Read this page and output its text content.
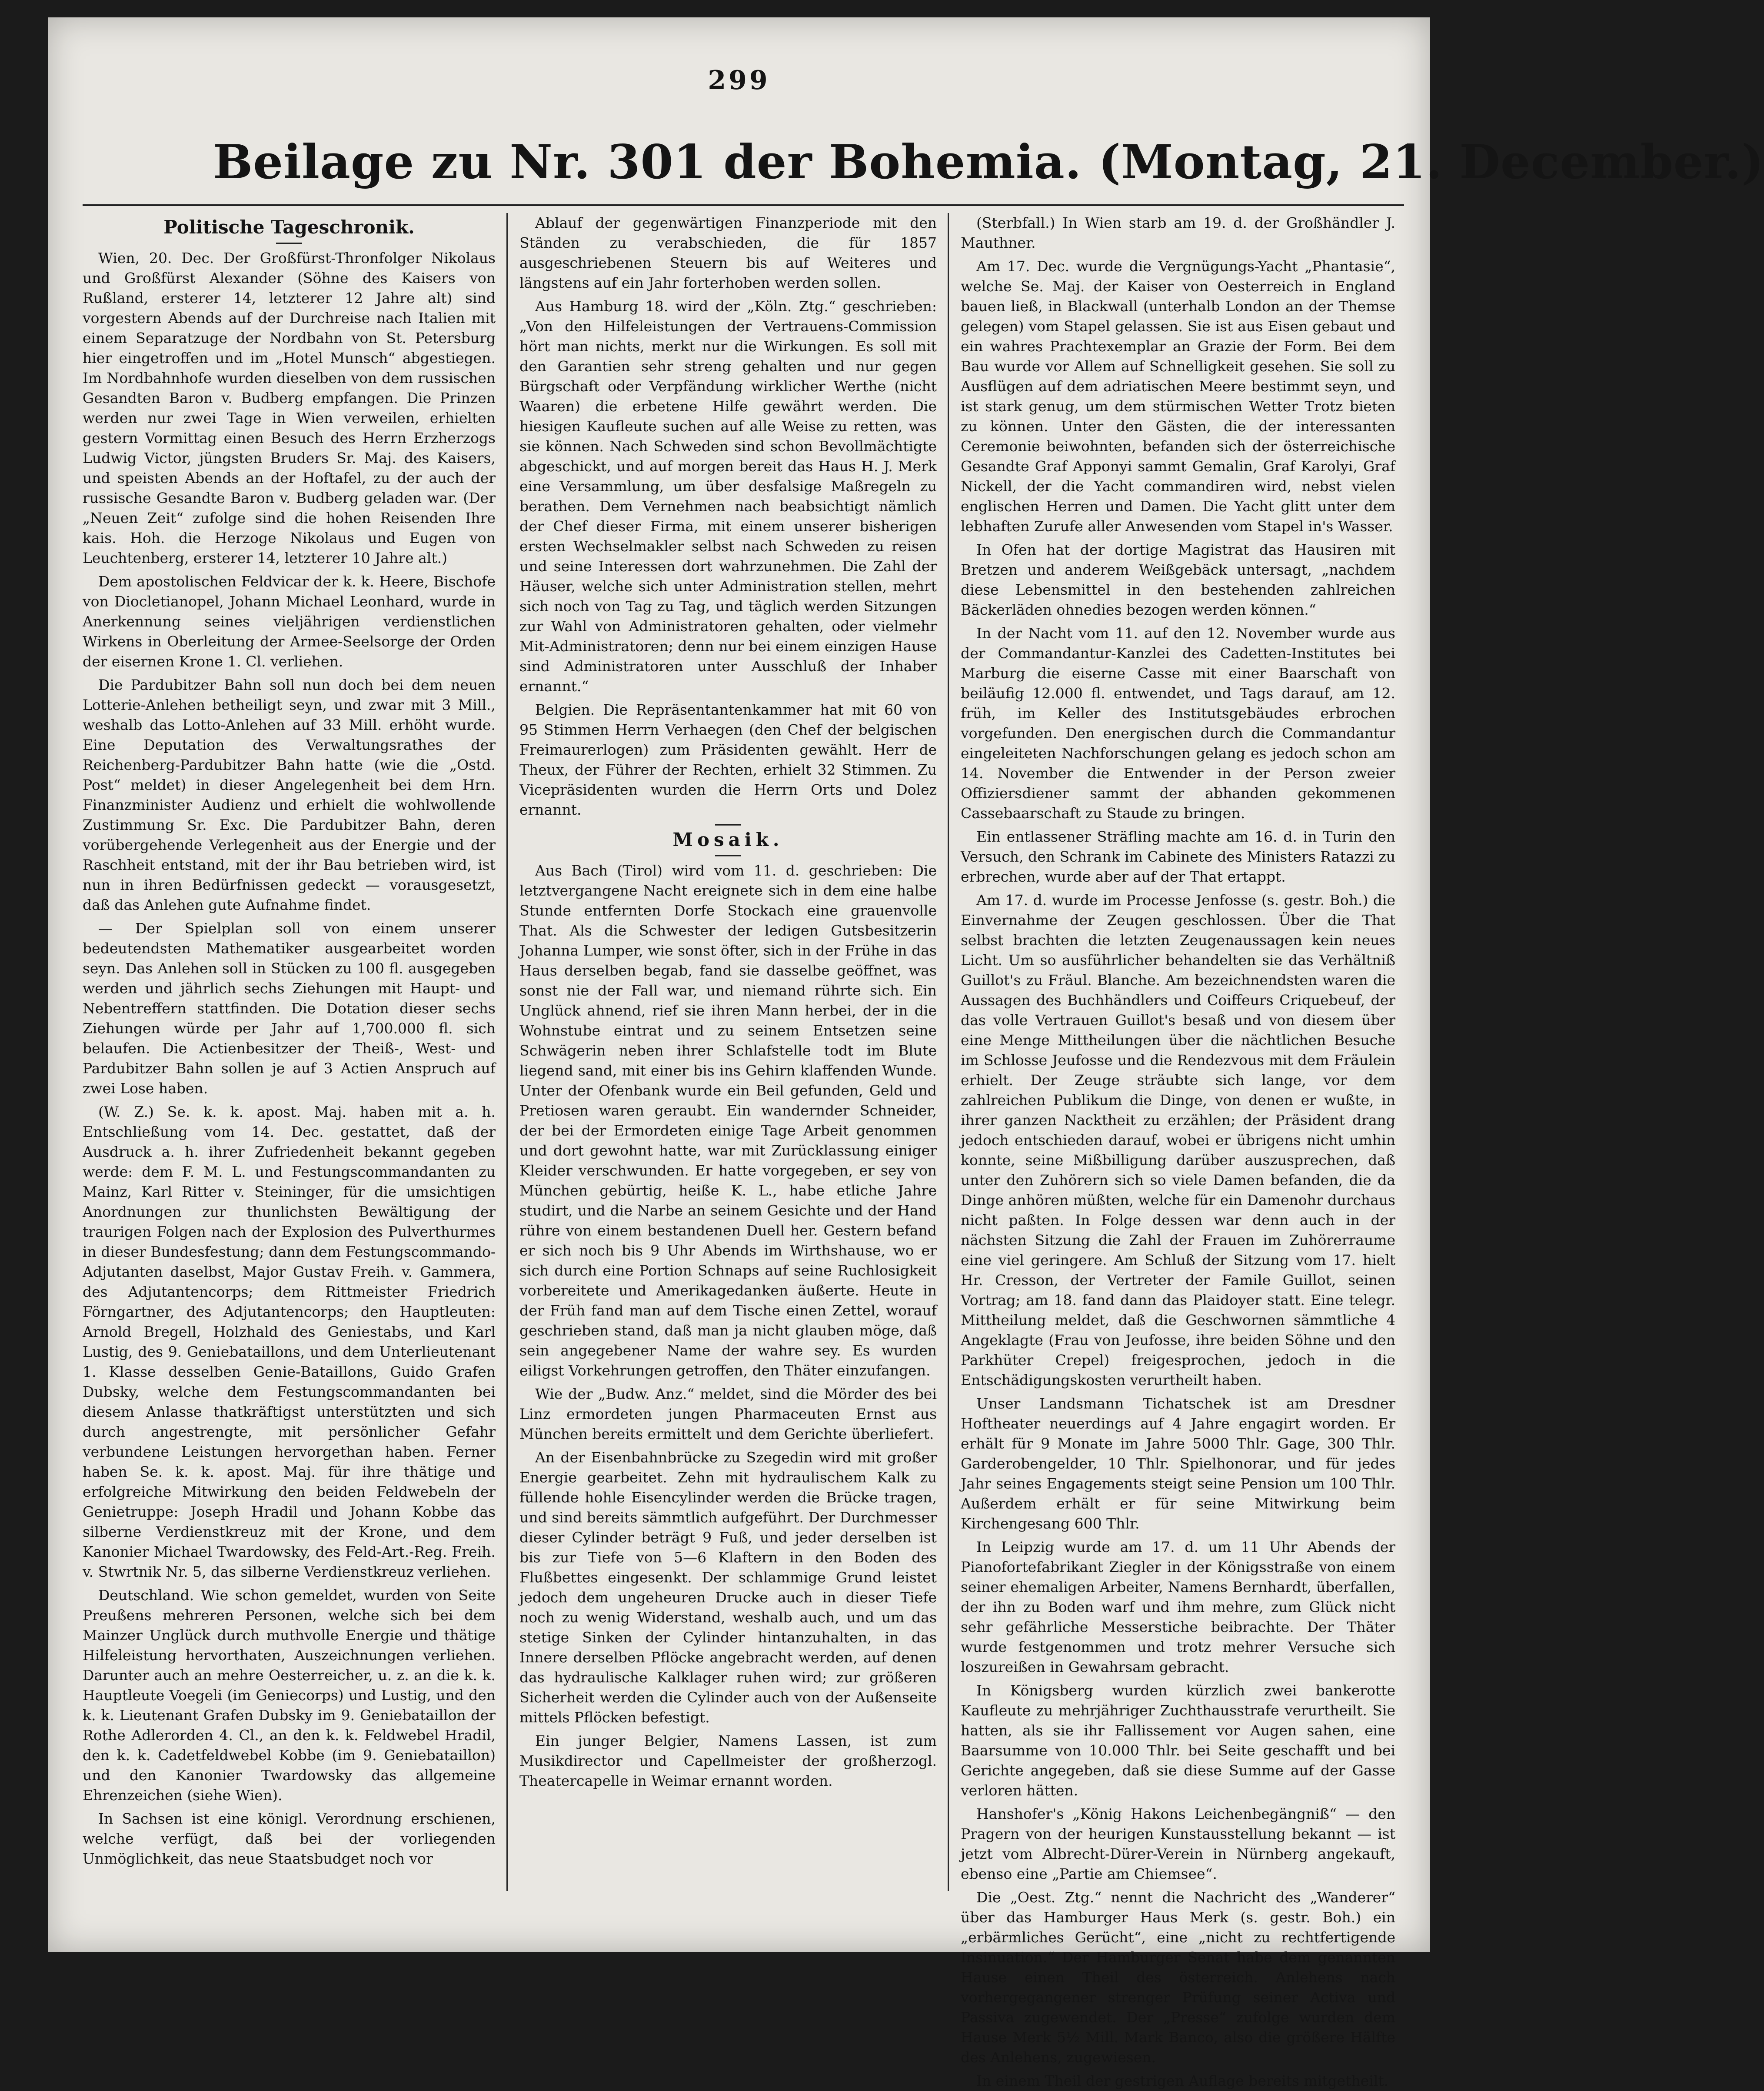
299
Beilage zu Nr. 301 der Bohemia. (Montag, 21. December.)
Politische Tageschronik.

Wien, 20. Dec. Der Großfürst-Thronfolger Nikolaus und Großfürst Alexander (Söhne des Kaisers von Rußland, ersterer 14, letzterer 12 Jahre alt) sind vorgestern Abends auf der Durchreise nach Italien mit einem Separatzuge der Nordbahn von St. Petersburg hier eingetroffen und im „Hotel Munsch“ abgestiegen. Im Nordbahnhofe wurden dieselben von dem russischen Gesandten Baron v. Budberg empfangen. Die Prinzen werden nur zwei Tage in Wien verweilen, erhielten gestern Vormittag einen Besuch des Herrn Erzherzogs Ludwig Victor, jüngsten Bruders Sr. Maj. des Kaisers, und speisten Abends an der Hoftafel, zu der auch der russische Gesandte Baron v. Budberg geladen war. (Der „Neuen Zeit“ zufolge sind die hohen Reisenden Ihre kais. Hoh. die Herzoge Nikolaus und Eugen von Leuchtenberg, ersterer 14, letzterer 10 Jahre alt.)

Dem apostolischen Feldvicar der k. k. Heere, Bischofe von Diocletianopel, Johann Michael Leonhard, wurde in Anerkennung seines vieljährigen verdienstlichen Wirkens in Oberleitung der Armee-Seelsorge der Orden der eisernen Krone 1. Cl. verliehen.

Die Pardubitzer Bahn soll nun doch bei dem neuen Lotterie-Anlehen betheiligt seyn, und zwar mit 3 Mill., weshalb das Lotto-Anlehen auf 33 Mill. erhöht wurde. Eine Deputation des Verwaltungsrathes der Reichenberg-Pardubitzer Bahn hatte (wie die „Ostd. Post“ meldet) in dieser Angelegenheit bei dem Hrn. Finanzminister Audienz und erhielt die wohlwollende Zustimmung Sr. Exc. Die Pardubitzer Bahn, deren vorübergehende Verlegenheit aus der Energie und der Raschheit entstand, mit der ihr Bau betrieben wird, ist nun in ihren Bedürfnissen gedeckt — vorausgesetzt, daß das Anlehen gute Aufnahme findet.

— Der Spielplan soll von einem unserer bedeutendsten Mathematiker ausgearbeitet worden seyn. Das Anlehen soll in Stücken zu 100 fl. ausgegeben werden und jährlich sechs Ziehungen mit Haupt- und Nebentreffern stattfinden. Die Dotation dieser sechs Ziehungen würde per Jahr auf 1,700.000 fl. sich belaufen. Die Actienbesitzer der Theiß-, West- und Pardubitzer Bahn sollen je auf 3 Actien Anspruch auf zwei Lose haben.

(W. Z.) Se. k. k. apost. Maj. haben mit a. h. Entschließung vom 14. Dec. gestattet, daß der Ausdruck a. h. ihrer Zufriedenheit bekannt gegeben werde: dem F. M. L. und Festungscommandanten zu Mainz, Karl Ritter v. Steininger, für die umsichtigen Anordnungen zur thunlichsten Bewältigung der traurigen Folgen nach der Explosion des Pulverthurmes in dieser Bundesfestung; dann dem Festungscommando-Adjutanten daselbst, Major Gustav Freih. v. Gammera, des Adjutantencorps; dem Rittmeister Friedrich Förngartner, des Adjutantencorps; den Hauptleuten: Arnold Bregell, Holzhald des Geniestabs, und Karl Lustig, des 9. Geniebataillons, und dem Unterlieutenant 1. Klasse desselben Genie-Bataillons, Guido Grafen Dubsky, welche dem Festungscommandanten bei diesem Anlasse thatkräftigst unterstützten und sich durch angestrengte, mit persönlicher Gefahr verbundene Leistungen hervorgethan haben. Ferner haben Se. k. k. apost. Maj. für ihre thätige und erfolgreiche Mitwirkung den beiden Feldwebeln der Genietruppe: Joseph Hradil und Johann Kobbe das silberne Verdienstkreuz mit der Krone, und dem Kanonier Michael Twardowsky, des Feld-Art.-Reg. Freih. v. Stwrtnik Nr. 5, das silberne Verdienstkreuz verliehen.

Deutschland. Wie schon gemeldet, wurden von Seite Preußens mehreren Personen, welche sich bei dem Mainzer Unglück durch muthvolle Energie und thätige Hilfeleistung hervorthaten, Auszeichnungen verliehen. Darunter auch an mehre Oesterreicher, u. z. an die k. k. Hauptleute Voegeli (im Geniecorps) und Lustig, und den k. k. Lieutenant Grafen Dubsky im 9. Geniebataillon der Rothe Adlerorden 4. Cl., an den k. k. Feldwebel Hradil, den k. k. Cadetfeldwebel Kobbe (im 9. Geniebataillon) und den Kanonier Twardowsky das allgemeine Ehrenzeichen (siehe Wien).

In Sachsen ist eine königl. Verordnung erschienen, welche verfügt, daß bei der vorliegenden Unmöglichkeit, das neue Staatsbudget noch vor

Ablauf der gegenwärtigen Finanzperiode mit den Ständen zu verabschieden, die für 1857 ausgeschriebenen Steuern bis auf Weiteres und längstens auf ein Jahr forterhoben werden sollen.

Aus Hamburg 18. wird der „Köln. Ztg.“ geschrieben: „Von den Hilfeleistungen der Vertrauens-Commission hört man nichts, merkt nur die Wirkungen. Es soll mit den Garantien sehr streng gehalten und nur gegen Bürgschaft oder Verpfändung wirklicher Werthe (nicht Waaren) die erbetene Hilfe gewährt werden. Die hiesigen Kaufleute suchen auf alle Weise zu retten, was sie können. Nach Schweden sind schon Bevollmächtigte abgeschickt, und auf morgen bereit das Haus H. J. Merk eine Versammlung, um über desfalsige Maßregeln zu berathen. Dem Vernehmen nach beabsichtigt nämlich der Chef dieser Firma, mit einem unserer bisherigen ersten Wechselmakler selbst nach Schweden zu reisen und seine Interessen dort wahrzunehmen. Die Zahl der Häuser, welche sich unter Administration stellen, mehrt sich noch von Tag zu Tag, und täglich werden Sitzungen zur Wahl von Administratoren gehalten, oder vielmehr Mit-Administratoren; denn nur bei einem einzigen Hause sind Administratoren unter Ausschluß der Inhaber ernannt.“

Belgien. Die Repräsentantenkammer hat mit 60 von 95 Stimmen Herrn Verhaegen (den Chef der belgischen Freimaurerlogen) zum Präsidenten gewählt. Herr de Theux, der Führer der Rechten, erhielt 32 Stimmen. Zu Vicepräsidenten wurden die Herrn Orts und Dolez ernannt.

Mosaik.

Aus Bach (Tirol) wird vom 11. d. geschrieben: Die letztvergangene Nacht ereignete sich in dem eine halbe Stunde entfernten Dorfe Stockach eine grauenvolle That. Als die Schwester der ledigen Gutsbesitzerin Johanna Lumper, wie sonst öfter, sich in der Frühe in das Haus derselben begab, fand sie dasselbe geöffnet, was sonst nie der Fall war, und niemand rührte sich. Ein Unglück ahnend, rief sie ihren Mann herbei, der in die Wohnstube eintrat und zu seinem Entsetzen seine Schwägerin neben ihrer Schlafstelle todt im Blute liegend sand, mit einer bis ins Gehirn klaffenden Wunde. Unter der Ofenbank wurde ein Beil gefunden, Geld und Pretiosen waren geraubt. Ein wandernder Schneider, der bei der Ermordeten einige Tage Arbeit genommen und dort gewohnt hatte, war mit Zurücklassung einiger Kleider verschwunden. Er hatte vorgegeben, er sey von München gebürtig, heiße K. L., habe etliche Jahre studirt, und die Narbe an seinem Gesichte und der Hand rühre von einem bestandenen Duell her. Gestern befand er sich noch bis 9 Uhr Abends im Wirthshause, wo er sich durch eine Portion Schnaps auf seine Ruchlosigkeit vorbereitete und Amerikagedanken äußerte. Heute in der Früh fand man auf dem Tische einen Zettel, worauf geschrieben stand, daß man ja nicht glauben möge, daß sein angegebener Name der wahre sey. Es wurden eiligst Vorkehrungen getroffen, den Thäter einzufangen.

Wie der „Budw. Anz.“ meldet, sind die Mörder des bei Linz ermordeten jungen Pharmaceuten Ernst aus München bereits ermittelt und dem Gerichte überliefert.

An der Eisenbahnbrücke zu Szegedin wird mit großer Energie gearbeitet. Zehn mit hydraulischem Kalk zu füllende hohle Eisencylinder werden die Brücke tragen, und sind bereits sämmtlich aufgeführt. Der Durchmesser dieser Cylinder beträgt 9 Fuß, und jeder derselben ist bis zur Tiefe von 5—6 Klaftern in den Boden des Flußbettes eingesenkt. Der schlammige Grund leistet jedoch dem ungeheuren Drucke auch in dieser Tiefe noch zu wenig Widerstand, weshalb auch, und um das stetige Sinken der Cylinder hintanzuhalten, in das Innere derselben Pflöcke angebracht werden, auf denen das hydraulische Kalklager ruhen wird; zur größeren Sicherheit werden die Cylinder auch von der Außenseite mittels Pflöcken befestigt.

Ein junger Belgier, Namens Lassen, ist zum Musikdirector und Capellmeister der großherzogl. Theatercapelle in Weimar ernannt worden.

(Sterbfall.) In Wien starb am 19. d. der Großhändler J. Mauthner.

Am 17. Dec. wurde die Vergnügungs-Yacht „Phantasie“, welche Se. Maj. der Kaiser von Oesterreich in England bauen ließ, in Blackwall (unterhalb London an der Themse gelegen) vom Stapel gelassen. Sie ist aus Eisen gebaut und ein wahres Prachtexemplar an Grazie der Form. Bei dem Bau wurde vor Allem auf Schnelligkeit gesehen. Sie soll zu Ausflügen auf dem adriatischen Meere bestimmt seyn, und ist stark genug, um dem stürmischen Wetter Trotz bieten zu können. Unter den Gästen, die der interessanten Ceremonie beiwohnten, befanden sich der österreichische Gesandte Graf Apponyi sammt Gemalin, Graf Karolyi, Graf Nickell, der die Yacht commandiren wird, nebst vielen englischen Herren und Damen. Die Yacht glitt unter dem lebhaften Zurufe aller Anwesenden vom Stapel in's Wasser.

In Ofen hat der dortige Magistrat das Hausiren mit Bretzen und anderem Weißgebäck untersagt, „nachdem diese Lebensmittel in den bestehenden zahlreichen Bäckerläden ohnedies bezogen werden können.“

In der Nacht vom 11. auf den 12. November wurde aus der Commandantur-Kanzlei des Cadetten-Institutes bei Marburg die eiserne Casse mit einer Baarschaft von beiläufig 12.000 fl. entwendet, und Tags darauf, am 12. früh, im Keller des Institutsgebäudes erbrochen vorgefunden. Den energischen durch die Commandantur eingeleiteten Nachforschungen gelang es jedoch schon am 14. November die Entwender in der Person zweier Offiziersdiener sammt der abhanden gekommenen Cassebaarschaft zu Staude zu bringen.

Ein entlassener Sträfling machte am 16. d. in Turin den Versuch, den Schrank im Cabinete des Ministers Ratazzi zu erbrechen, wurde aber auf der That ertappt.

Am 17. d. wurde im Processe Jenfosse (s. gestr. Boh.) die Einvernahme der Zeugen geschlossen. Über die That selbst brachten die letzten Zeugenaussagen kein neues Licht. Um so ausführlicher behandelten sie das Verhältniß Guillot's zu Fräul. Blanche. Am bezeichnendsten waren die Aussagen des Buchhändlers und Coiffeurs Criquebeuf, der das volle Vertrauen Guillot's besaß und von diesem über eine Menge Mittheilungen über die nächtlichen Besuche im Schlosse Jeufosse und die Rendezvous mit dem Fräulein erhielt. Der Zeuge sträubte sich lange, vor dem zahlreichen Publikum die Dinge, von denen er wußte, in ihrer ganzen Nacktheit zu erzählen; der Präsident drang jedoch entschieden darauf, wobei er übrigens nicht umhin konnte, seine Mißbilligung darüber auszusprechen, daß unter den Zuhörern sich so viele Damen befanden, die da Dinge anhören müßten, welche für ein Damenohr durchaus nicht paßten. In Folge dessen war denn auch in der nächsten Sitzung die Zahl der Frauen im Zuhörerraume eine viel geringere. Am Schluß der Sitzung vom 17. hielt Hr. Cresson, der Vertreter der Famile Guillot, seinen Vortrag; am 18. fand dann das Plaidoyer statt. Eine telegr. Mittheilung meldet, daß die Geschwornen sämmtliche 4 Angeklagte (Frau von Jeufosse, ihre beiden Söhne und den Parkhüter Crepel) freigesprochen, jedoch in die Entschädigungskosten verurtheilt haben.

Unser Landsmann Tichatschek ist am Dresdner Hoftheater neuerdings auf 4 Jahre engagirt worden. Er erhält für 9 Monate im Jahre 5000 Thlr. Gage, 300 Thlr. Garderobengelder, 10 Thlr. Spielhonorar, und für jedes Jahr seines Engagements steigt seine Pension um 100 Thlr. Außerdem erhält er für seine Mitwirkung beim Kirchengesang 600 Thlr.

In Leipzig wurde am 17. d. um 11 Uhr Abends der Pianofortefabrikant Ziegler in der Königsstraße von einem seiner ehemaligen Arbeiter, Namens Bernhardt, überfallen, der ihn zu Boden warf und ihm mehre, zum Glück nicht sehr gefährliche Messerstiche beibrachte. Der Thäter wurde festgenommen und trotz mehrer Versuche sich loszureißen in Gewahrsam gebracht.

In Königsberg wurden kürzlich zwei bankerotte Kaufleute zu mehrjähriger Zuchthausstrafe verurtheilt. Sie hatten, als sie ihr Fallissement vor Augen sahen, eine Baarsumme von 10.000 Thlr. bei Seite geschafft und bei Gerichte angegeben, daß sie diese Summe auf der Gasse verloren hätten.

Hanshofer's „König Hakons Leichenbegängniß“ — den Pragern von der heurigen Kunstausstellung bekannt — ist jetzt vom Albrecht-Dürer-Verein in Nürnberg angekauft, ebenso eine „Partie am Chiemsee“.

Die „Oest. Ztg.“ nennt die Nachricht des „Wanderer“ über das Hamburger Haus Merk (s. gestr. Boh.) ein „erbärmliches Gerücht“, eine „nicht zu rechtfertigende Insinuation.“ Der Hamburger Senat habe dem genannten Hause einen Theil des österreich. Anlehens nach vorhergegangener strenger Prüfung seiner Activa und Passiva zugewendet. Der „Presse“ zufolge wurden dem Hause Merk 5½ Mill. Mark Banco, also die größere Hälfte des Anlehens, zugewiesen.

In einem Theil der gestrigen Auflage bereits mitgetheilt.
